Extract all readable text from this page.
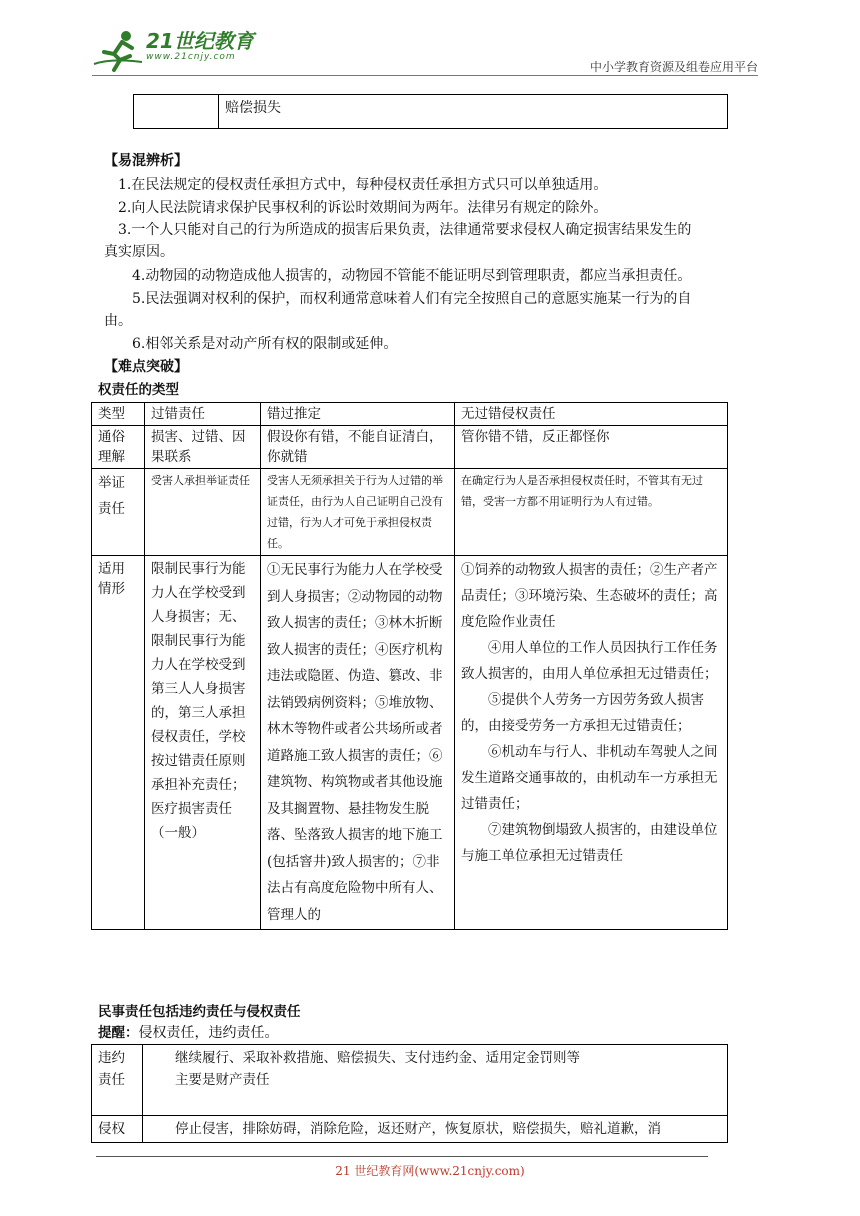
21世纪教育
www.21cnjy.com
中小学教育资源及组卷应用平台
	赔偿损失
【易混辨析】
1.在民法规定的侵权责任承担方式中，每种侵权责任承担方式只可以单独适用。
2.向人民法院请求保护民事权利的诉讼时效期间为两年。法律另有规定的除外。
3.一个人只能对自己的行为所造成的损害后果负责，法律通常要求侵权人确定损害结果发生的
真实原因。
4.动物园的动物造成他人损害的，动物园不管能不能证明尽到管理职责，都应当承担责任。
5.民法强调对权利的保护，而权利通常意味着人们有完全按照自己的意愿实施某一行为的自
由。
6.相邻关系是对动产所有权的限制或延伸。
【难点突破】
权责任的类型
类型	过错责任	错过推定	无过错侵权责任
通俗理解	损害、过错、因果联系	假设你有错，不能自证清白，你就错	管你错不错，反正都怪你
举证责任	受害人承担举证责任	受害人无须承担关于行为人过错的举证责任，由行为人自己证明自己没有过错，行为人才可免于承担侵权责任。	在确定行为人是否承担侵权责任时，不管其有无过错，受害一方都不用证明行为人有过错。
适用情形	限制民事行为能力人在学校受到人身损害；无、限制民事行为能力人在学校受到第三人人身损害的，第三人承担侵权责任，学校按过错责任原则承担补充责任；医疗损害责任（一般）	①无民事行为能力人在学校受到人身损害；②动物园的动物致人损害的责任；③林木折断致人损害的责任；④医疗机构违法或隐匿、伪造、篡改、非法销毁病例资料；⑤堆放物、林木等物件或者公共场所或者道路施工致人损害的责任；⑥建筑物、构筑物或者其他设施及其搁置物、悬挂物发生脱落、坠落致人损害的地下施工(包括窨井)致人损害的；⑦非法占有高度危险物中所有人、管理人的	①饲养的动物致人损害的责任；②生产者产品责任；③环境污染、生态破坏的责任；高度危险作业责任
④用人单位的工作人员因执行工作任务致人损害的，由用人单位承担无过错责任；
⑤提供个人劳务一方因劳务致人损害的，由接受劳务一方承担无过错责任；
⑥机动车与行人、非机动车驾驶人之间发生道路交通事故的，由机动车一方承担无过错责任；
⑦建筑物倒塌致人损害的，由建设单位与施工单位承担无过错责任
民事责任包括违约责任与侵权责任
提醒：侵权责任，违约责任。
违约责任	继续履行、采取补救措施、赔偿损失、支付违约金、适用定金罚则等
主要是财产责任

侵权	停止侵害，排除妨碍，消除危险，返还财产，恢复原状，赔偿损失，赔礼道歉，消
21 世纪教育网(www.21cnjy.com)
